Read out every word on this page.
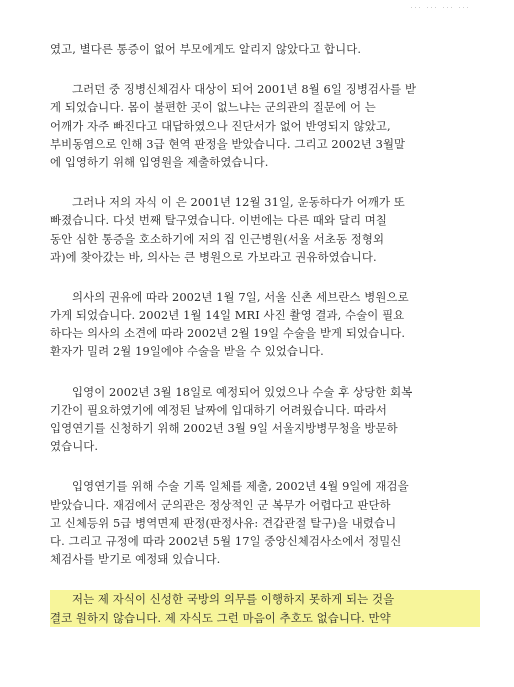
... ... ... ...
였고, 별다른 통증이 없어 부모에게도 알리지 않았다고 합니다.
그러던 중 징병신체검사 대상이 되어 2001년 8월 6일 징병검사를 받
게 되었습니다. 몸이 불편한 곳이 없느냐는 군의관의 질문에 어 는
어깨가 자주 빠진다고 대답하였으나 진단서가 없어 반영되지 않았고,
부비동염으로 인해 3급 현역 판정을 받았습니다. 그리고 2002년 3월말
에 입영하기 위해 입영원을 제출하였습니다.
그러나 저의 자식 이 은 2001년 12월 31일, 운동하다가 어깨가 또
빠졌습니다. 다섯 번째 탈구였습니다. 이번에는 다른 때와 달리 며칠
동안 심한 통증을 호소하기에 저의 집 인근병원(서울 서초동 정형외
과)에 찾아갔는 바, 의사는 큰 병원으로 가보라고 권유하였습니다.
의사의 권유에 따라 2002년 1월 7일, 서울 신촌 세브란스 병원으로
가게 되었습니다. 2002년 1월 14일 MRI 사진 촬영 결과, 수술이 필요
하다는 의사의 소견에 따라 2002년 2월 19일 수술을 받게 되었습니다.
환자가 밀려 2월 19일에야 수술을 받을 수 있었습니다.
입영이 2002년 3월 18일로 예정되어 있었으나 수술 후 상당한 회복
기간이 필요하였기에 예정된 날짜에 입대하기 어려웠습니다. 따라서
입영연기를 신청하기 위해 2002년 3월 9일 서울지방병무청을 방문하
였습니다.
입영연기를 위해 수술 기록 일체를 제출, 2002년 4월 9일에 재검을
받았습니다. 재검에서 군의관은 정상적인 군 복무가 어렵다고 판단하
고 신체등위 5급 병역면제 판정(판정사유: 견갑관절 탈구)을 내렸습니
다. 그리고 규정에 따라 2002년 5월 17일 중앙신체검사소에서 정밀신
체검사를 받기로 예정돼 있습니다.
저는 제 자식이 신성한 국방의 의무를 이행하지 못하게 되는 것을
결코 원하지 않습니다. 제 자식도 그런 마음이 추호도 없습니다. 만약
